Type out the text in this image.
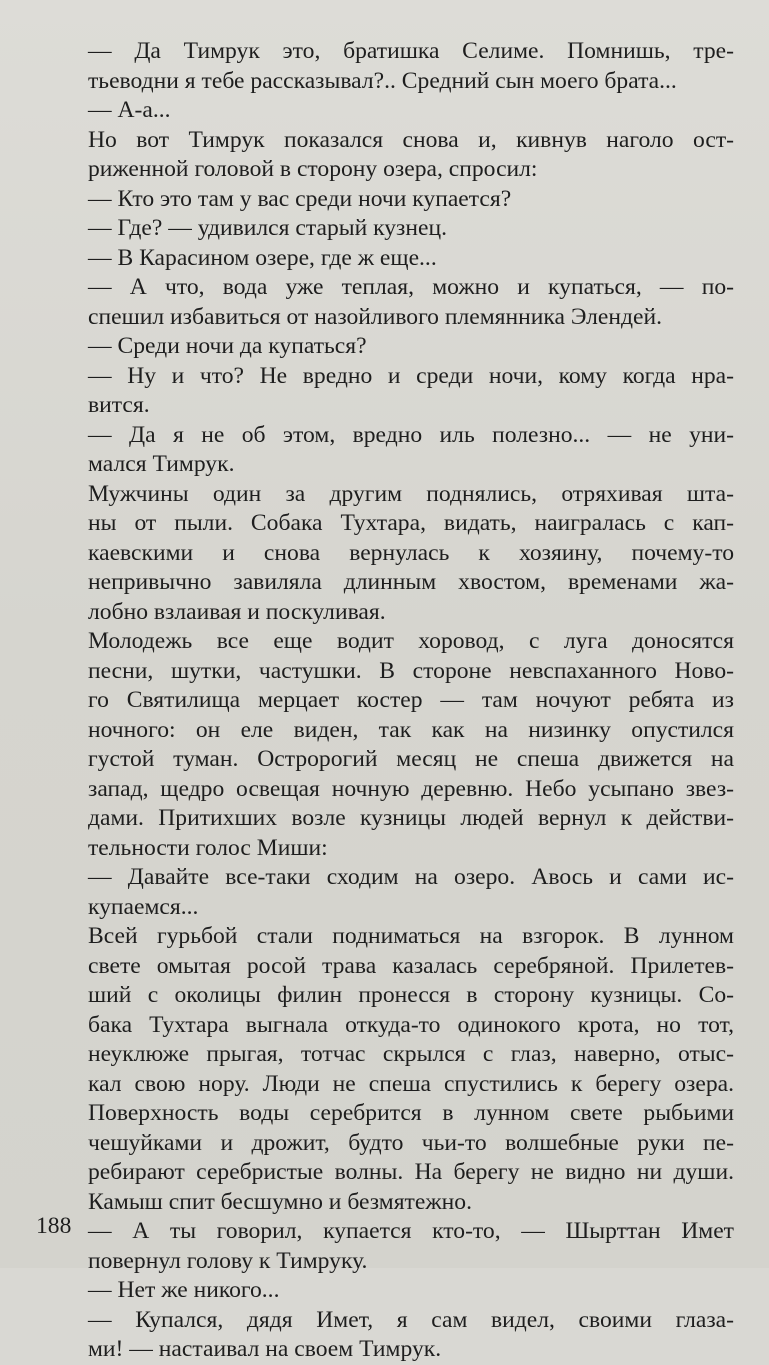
— Да Тимрук это, братишка Селиме. Помнишь, тре-
тьеводни я тебе рассказывал?.. Средний сын моего брата...
— А-а...
Но вот Тимрук показался снова и, кивнув наголо ост-
риженной головой в сторону озера, спросил:
— Кто это там у вас среди ночи купается?
— Где? — удивился старый кузнец.
— В Карасином озере, где ж еще...
— А что, вода уже теплая, можно и купаться, — по-
спешил избавиться от назойливого племянника Элендей.
— Среди ночи да купаться?
— Ну и что? Не вредно и среди ночи, кому когда нра-
вится.
— Да я не об этом, вредно иль полезно... — не уни-
мался Тимрук.
Мужчины один за другим поднялись, отряхивая шта-
ны от пыли. Собака Тухтара, видать, наигралась с кап-
каевскими и снова вернулась к хозяину, почему-то
непривычно завиляла длинным хвостом, временами жа-
лобно взлаивая и поскуливая.
Молодежь все еще водит хоровод, с луга доносятся
песни, шутки, частушки. В стороне невспаханного Ново-
го Святилища мерцает костер — там ночуют ребята из
ночного: он еле виден, так как на низинку опустился
густой туман. Остророгий месяц не спеша движется на
запад, щедро освещая ночную деревню. Небо усыпано звез-
дами. Притихших возле кузницы людей вернул к действи-
тельности голос Миши:
— Давайте все-таки сходим на озеро. Авось и сами ис-
купаемся...
Всей гурьбой стали подниматься на взгорок. В лунном
свете омытая росой трава казалась серебряной. Прилетев-
ший с околицы филин пронесся в сторону кузницы. Со-
бака Тухтара выгнала откуда-то одинокого крота, но тот,
неуклюже прыгая, тотчас скрылся с глаз, наверно, отыс-
кал свою нору. Люди не спеша спустились к берегу озера.
Поверхность воды серебрится в лунном свете рыбьими
чешуйками и дрожит, будто чьи-то волшебные руки пе-
ребирают серебристые волны. На берегу не видно ни души.
Камыш спит бесшумно и безмятежно.
— А ты говорил, купается кто-то, — Шырттан Имет
повернул голову к Тимруку.
— Нет же никого...
— Купался, дядя Имет, я сам видел, своими глаза-
ми! — настаивал на своем Тимрук.
188
